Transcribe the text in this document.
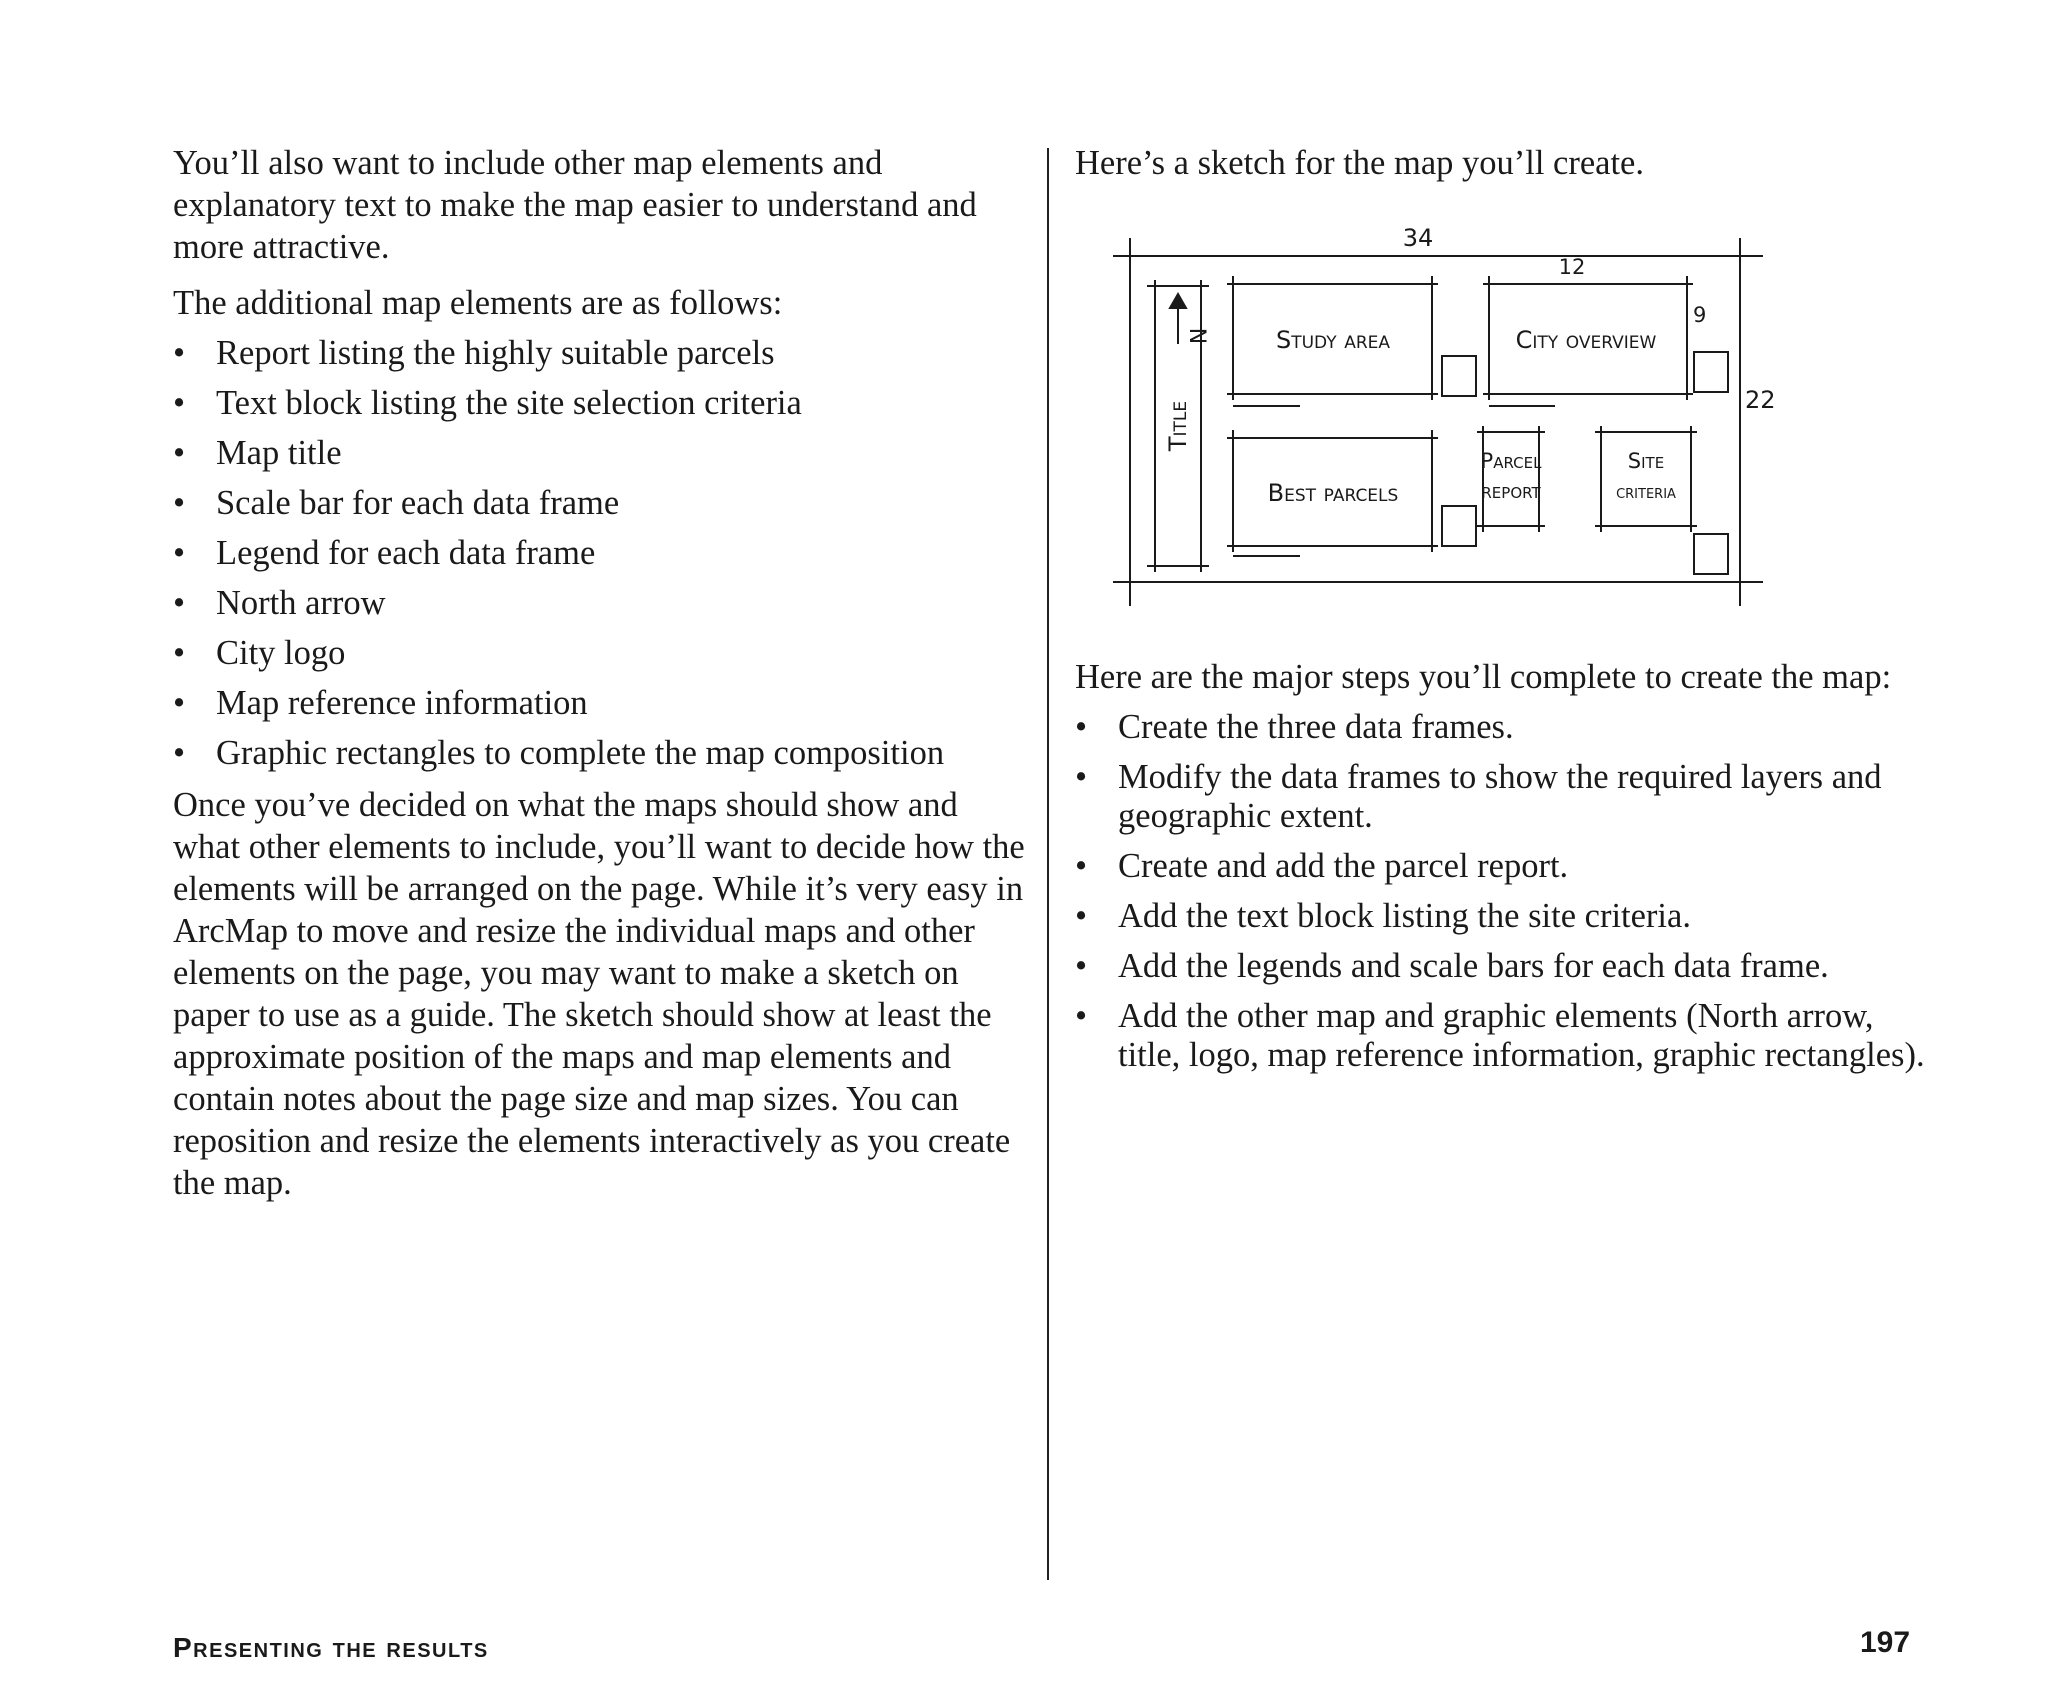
You’ll also want to include other map elements and explanatory text to make the map easier to understand and more attractive.

The additional map elements are as follows:

• Report listing the highly suitable parcels
• Text block listing the site selection criteria
• Map title
• Scale bar for each data frame
• Legend for each data frame
• North arrow
• City logo
• Map reference information
• Graphic rectangles to complete the map composition

Once you’ve decided on what the maps should show and what other elements to include, you’ll want to decide how the elements will be arranged on the page. While it’s very easy in ArcMap to move and resize the individual maps and other elements on the page, you may want to make a sketch on paper to use as a guide. The sketch should show at least the approximate position of the maps and map elements and contain notes about the page size and map sizes. You can reposition and resize the elements interactively as you create the map.

Here’s a sketch for the map you’ll create.

34
12
9
22
N
Title
Study area	City overview
Best parcels
Parcel
report
Site
criteria

Here are the major steps you’ll complete to create the map:

• Create the three data frames.
• Modify the data frames to show the required layers and geographic extent.
• Create and add the parcel report.
• Add the text block listing the site criteria.
• Add the legends and scale bars for each data frame.
• Add the other map and graphic elements (North arrow, title, logo, map reference information, graphic rectangles).
Presenting the results	197
